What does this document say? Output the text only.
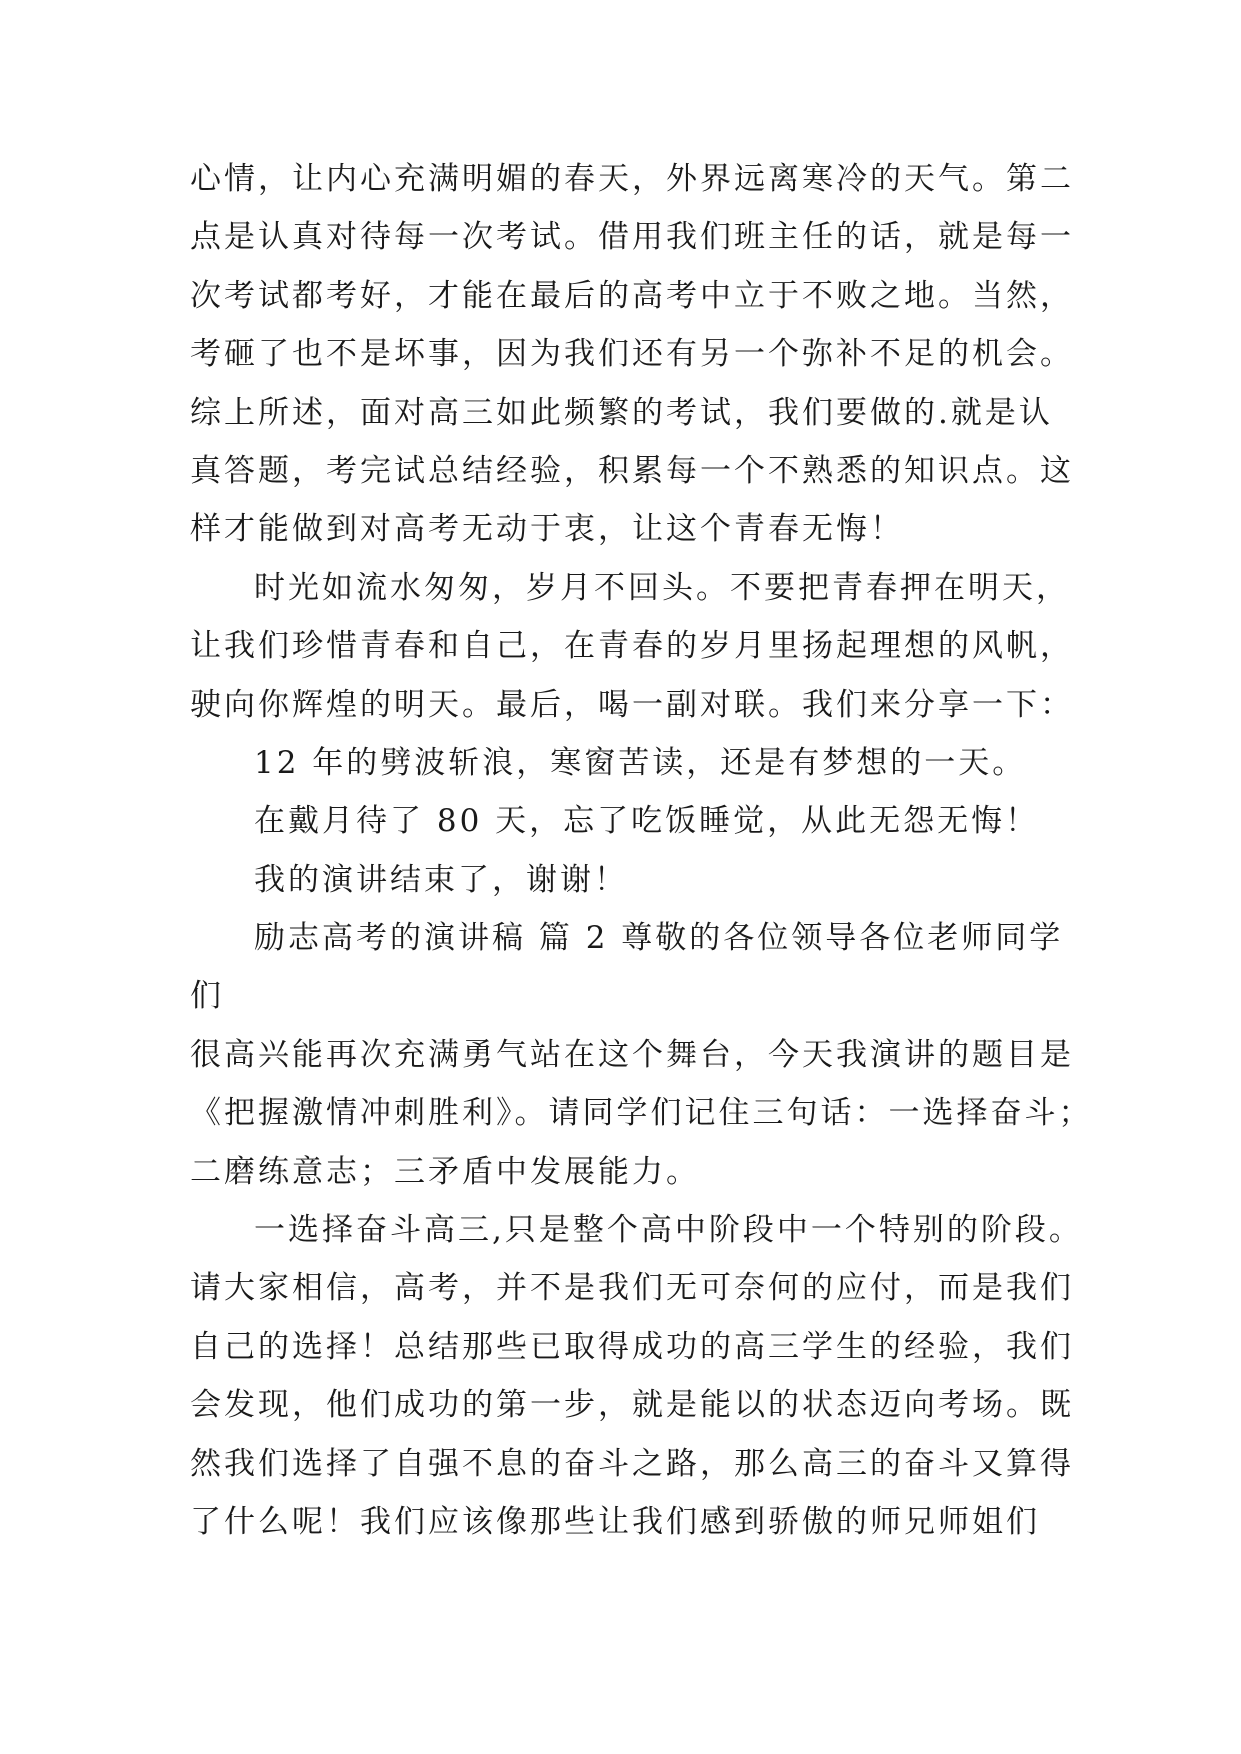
心情，让内心充满明媚的春天，外界远离寒冷的天气。第二
点是认真对待每一次考试。借用我们班主任的话，就是每一
次考试都考好，才能在最后的高考中立于不败之地。当然，
考砸了也不是坏事，因为我们还有另一个弥补不足的机会。
综上所述，面对高三如此频繁的考试，我们要做的.就是认
真答题，考完试总结经验，积累每一个不熟悉的知识点。这
样才能做到对高考无动于衷，让这个青春无悔！
时光如流水匆匆，岁月不回头。不要把青春押在明天，
让我们珍惜青春和自己，在青春的岁月里扬起理想的风帆，
驶向你辉煌的明天。最后，喝一副对联。我们来分享一下：
12 年的劈波斩浪，寒窗苦读，还是有梦想的一天。
在戴月待了 80 天，忘了吃饭睡觉，从此无怨无悔！
我的演讲结束了，谢谢！
励志高考的演讲稿 篇 2 尊敬的各位领导各位老师同学
们
很高兴能再次充满勇气站在这个舞台，今天我演讲的题目是
《把握激情冲刺胜利》。请同学们记住三句话：一选择奋斗；
二磨练意志；三矛盾中发展能力。
一选择奋斗高三,只是整个高中阶段中一个特别的阶段。
请大家相信，高考，并不是我们无可奈何的应付，而是我们
自己的选择！总结那些已取得成功的高三学生的经验，我们
会发现，他们成功的第一步，就是能以的状态迈向考场。既
然我们选择了自强不息的奋斗之路，那么高三的奋斗又算得
了什么呢！我们应该像那些让我们感到骄傲的师兄师姐们
